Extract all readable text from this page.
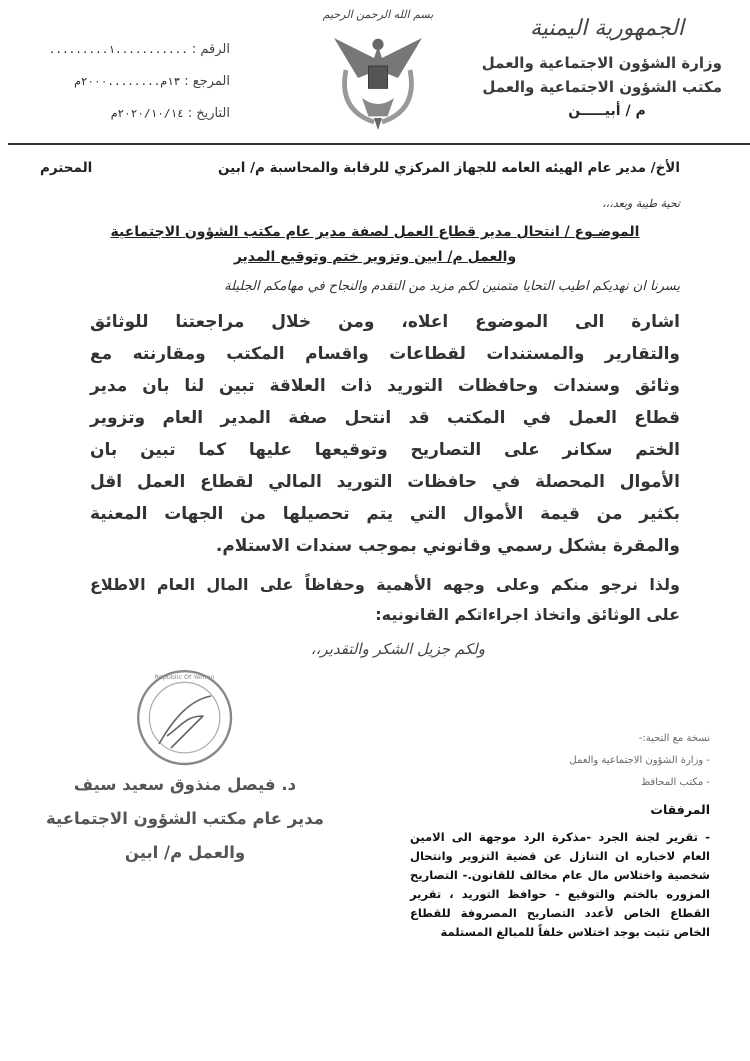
الجمهورية اليمنية
وزارة الشؤون الاجتماعية والعمل
مكتب الشؤون الاجتماعية والعمل
م / أبيـــــن
بسم الله الرحمن الرحيم
الرقم :...........١.........
المرجع :١٣م........٢٠٠٠م
التاريخ :٢٠٢٠/١٠/١٤م
الأخ/ مدير عام الهيئه العامه للجهاز المركزي للرقابة والمحاسبة م/ ابين
المحترم
تحية طيبة وبعد،،،
الموضـوع / انتحال مدير قطاع العمل لصفة مدير عام مكتب الشؤون الاجتماعية
والعمل م/ ابين وتزوير ختم وتوقيع المدير
يسرنا ان نهديكم اطيب التحايا متمنين لكم مزيد من التقدم والنجاح في مهامكم الجليلة
اشارة الى الموضوع اعلاه، ومن خلال مراجعتنا للوثائق
والتقارير والمستندات لقطاعات واقسام المكتب ومقارنته مع
وثائق وسندات وحافظات التوريد ذات العلاقة تبين لنا بان مدير
قطاع العمل في المكتب قد انتحل صفة المدير العام وتزوير
الختم سكانر على التصاريح وتوقيعها عليها كما تبين بان
الأموال المحصلة في حافظات التوريد المالي لقطاع العمل اقل
بكثير من قيمة الأموال التي يتم تحصيلها من الجهات المعنية
والمقرة بشكل رسمي وقانوني بموجب سندات الاستلام.
ولذا نرجو منكم وعلى وجهه الأهمية وحفاظاً على المال العام الاطلاع
على الوثائق واتخاذ اجراءاتكم القانونيه:
ولكم جزيل الشكر والتقدير،،
نسخة مع التحية:-
- وزارة الشؤون الاجتماعية والعمل
- مكتب المحافظ
المرفقات
- تقرير لجنة الجرد -مذكرة الرد موجهة الى الامين العام لاخباره ان التنازل عن قضية التزوير وانتحال شخصية واختلاس مال عام مخالف للقانون.- التصاريح المزوره بالختم والتوقيع - حوافظ التوريد ، تقرير القطاع الخاص لأعدد التصاريح المصروفة للقطاع الخاص تثبت بوجد اختلاس خلفاً للمبالغ المستلمة
Republic Of Yemen
د. فيصل منذوق سعيد سيف
مدير عام مكتب الشؤون الاجتماعية
والعمل م/ ابين
